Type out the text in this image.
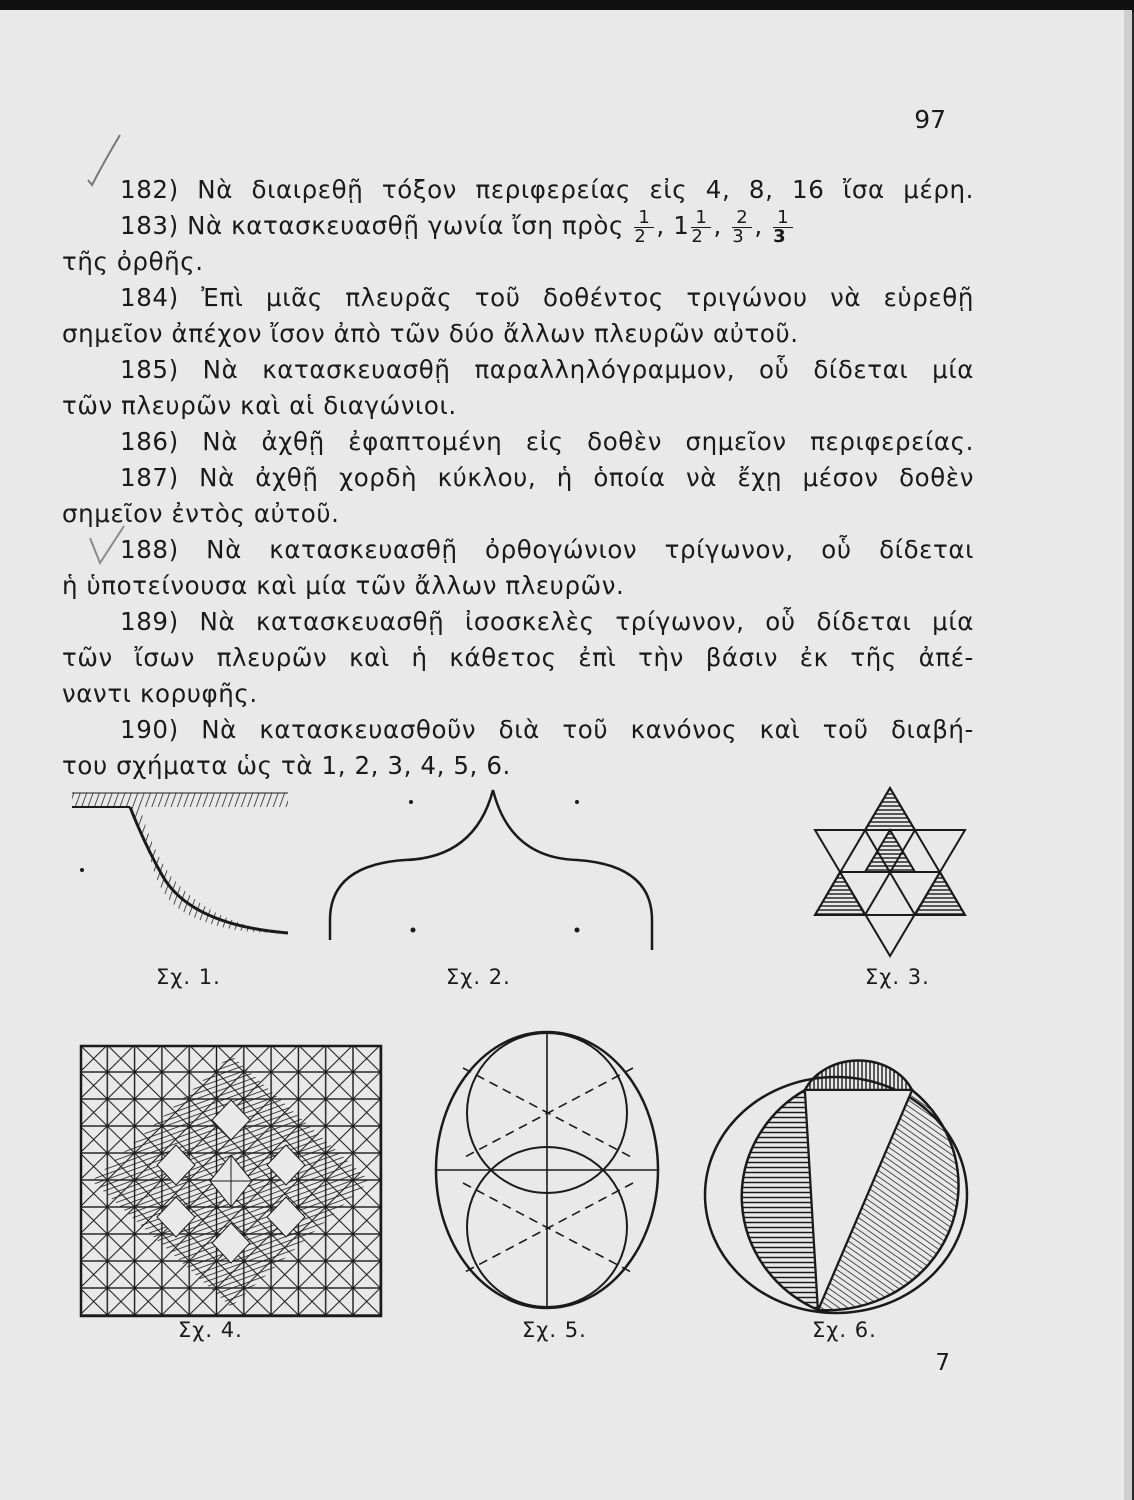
97
182) Νὰ διαιρεθῇ τόξον περιφερείας εἰς 4, 8, 16 ἴσα μέρη.
183) Νὰ κατασκευασθῇ γωνία ἴση πρὸς $\frac{1}{2}$ , $1 \frac{1}{2}$ , $\frac{2}{3}$ , $\frac{1}{3}$
τῆς ὀρθῆς.
184) Ἐπὶ μιᾶς πλευρᾶς τοῦ δοθέντος τριγώνου νὰ εὑρεθῇ
σημεῖον ἀπέχον ἴσον ἀπὸ τῶν δύο ἄλλων πλευρῶν αὐτοῦ.
185) Νὰ κατασκευασθῇ παραλληλόγραμμον, οὗ δίδεται μία
τῶν πλευρῶν καὶ αἱ διαγώνιοι.
186) Νὰ ἀχθῇ ἐφαπτομένη εἰς δοθὲν σημεῖον περιφερείας.
187) Νὰ ἀχθῇ χορδὴ κύκλου, ἡ ὁποία νὰ ἔχῃ μέσον δοθὲν
σημεῖον ἐντὸς αὐτοῦ.
188) Νὰ κατασκευασθῇ ὀρθογώνιον τρίγωνον, οὗ δίδεται
ἡ ὑποτείνουσα καὶ μία τῶν ἄλλων πλευρῶν.
189) Νὰ κατασκευασθῇ ἰσοσκελὲς τρίγωνον, οὗ δίδεται μία
τῶν ἴσων πλευρῶν καὶ ἡ κάθετος ἐπὶ τὴν βάσιν ἐκ τῆς ἀπέ-
ναντι κορυφῆς.
190) Νὰ κατασκευασθοῦν διὰ τοῦ κανόνος καὶ τοῦ διαβή-
του σχήματα ὡς τὰ 1, 2, 3, 4, 5, 6.
Σχ. 1.	Σχ. 2.	Σχ. 3.
Σχ. 4.	Σχ. 5.	Σχ. 6.
7
